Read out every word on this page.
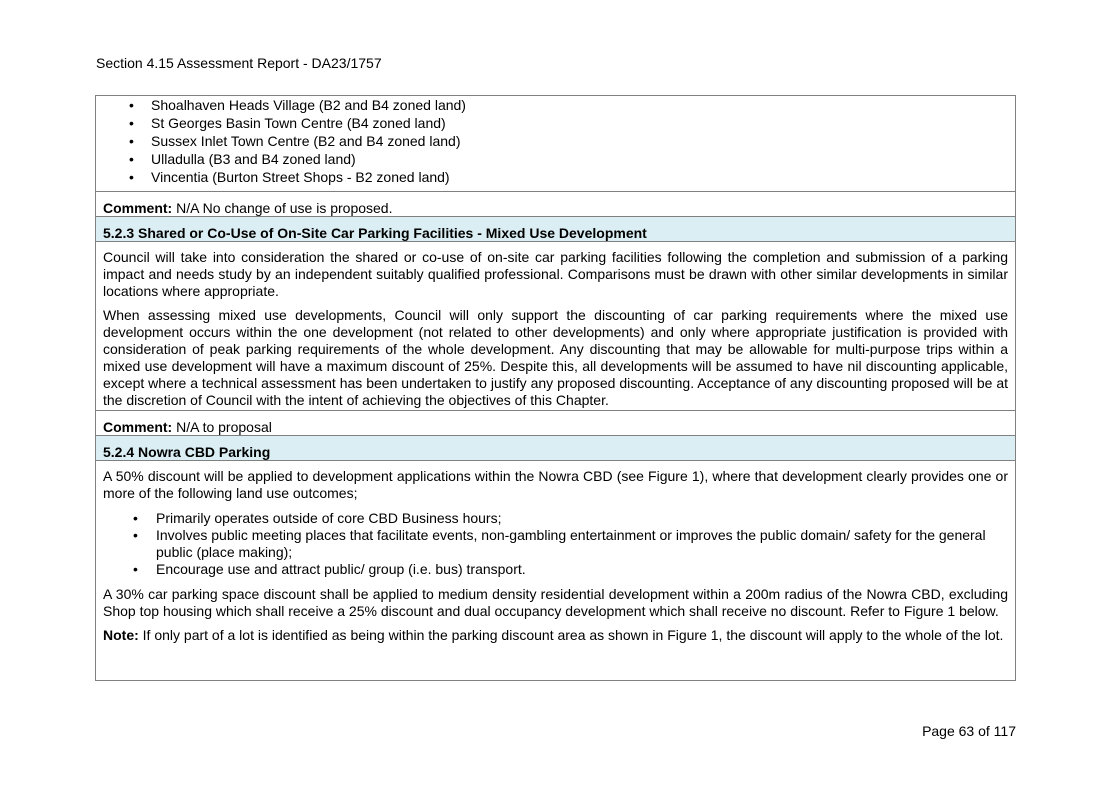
Section 4.15 Assessment Report - DA23/1757
• Shoalhaven Heads Village (B2 and B4 zoned land)
• St Georges Basin Town Centre (B4 zoned land)
• Sussex Inlet Town Centre (B2 and B4 zoned land)
• Ulladulla (B3 and B4 zoned land)
• Vincentia (Burton Street Shops - B2 zoned land)
Comment: N/A No change of use is proposed.
5.2.3 Shared or Co-Use of On-Site Car Parking Facilities - Mixed Use Development

Council will take into consideration the shared or co-use of on-site car parking facilities following the completion and submission of a parking impact and needs study by an independent suitably qualified professional. Comparisons must be drawn with other similar developments in similar locations where appropriate.

When assessing mixed use developments, Council will only support the discounting of car parking requirements where the mixed use development occurs within the one development (not related to other developments) and only where appropriate justification is provided with consideration of peak parking requirements of the whole development. Any discounting that may be allowable for multi-purpose trips within a mixed use development will have a maximum discount of 25%. Despite this, all developments will be assumed to have nil discounting applicable, except where a technical assessment has been undertaken to justify any proposed discounting. Acceptance of any discounting proposed will be at the discretion of Council with the intent of achieving the objectives of this Chapter.

Comment: N/A to proposal
5.2.4 Nowra CBD Parking

A 50% discount will be applied to development applications within the Nowra CBD (see Figure 1), where that development clearly provides one or more of the following land use outcomes;

• Primarily operates outside of core CBD Business hours;
• Involves public meeting places that facilitate events, non-gambling entertainment or improves the public domain/ safety for the general public (place making);
• Encourage use and attract public/ group (i.e. bus) transport.

A 30% car parking space discount shall be applied to medium density residential development within a 200m radius of the Nowra CBD, excluding Shop top housing which shall receive a 25% discount and dual occupancy development which shall receive no discount. Refer to Figure 1 below.

Note: If only part of a lot is identified as being within the parking discount area as shown in Figure 1, the discount will apply to the whole of the lot.

Page 63 of 117
